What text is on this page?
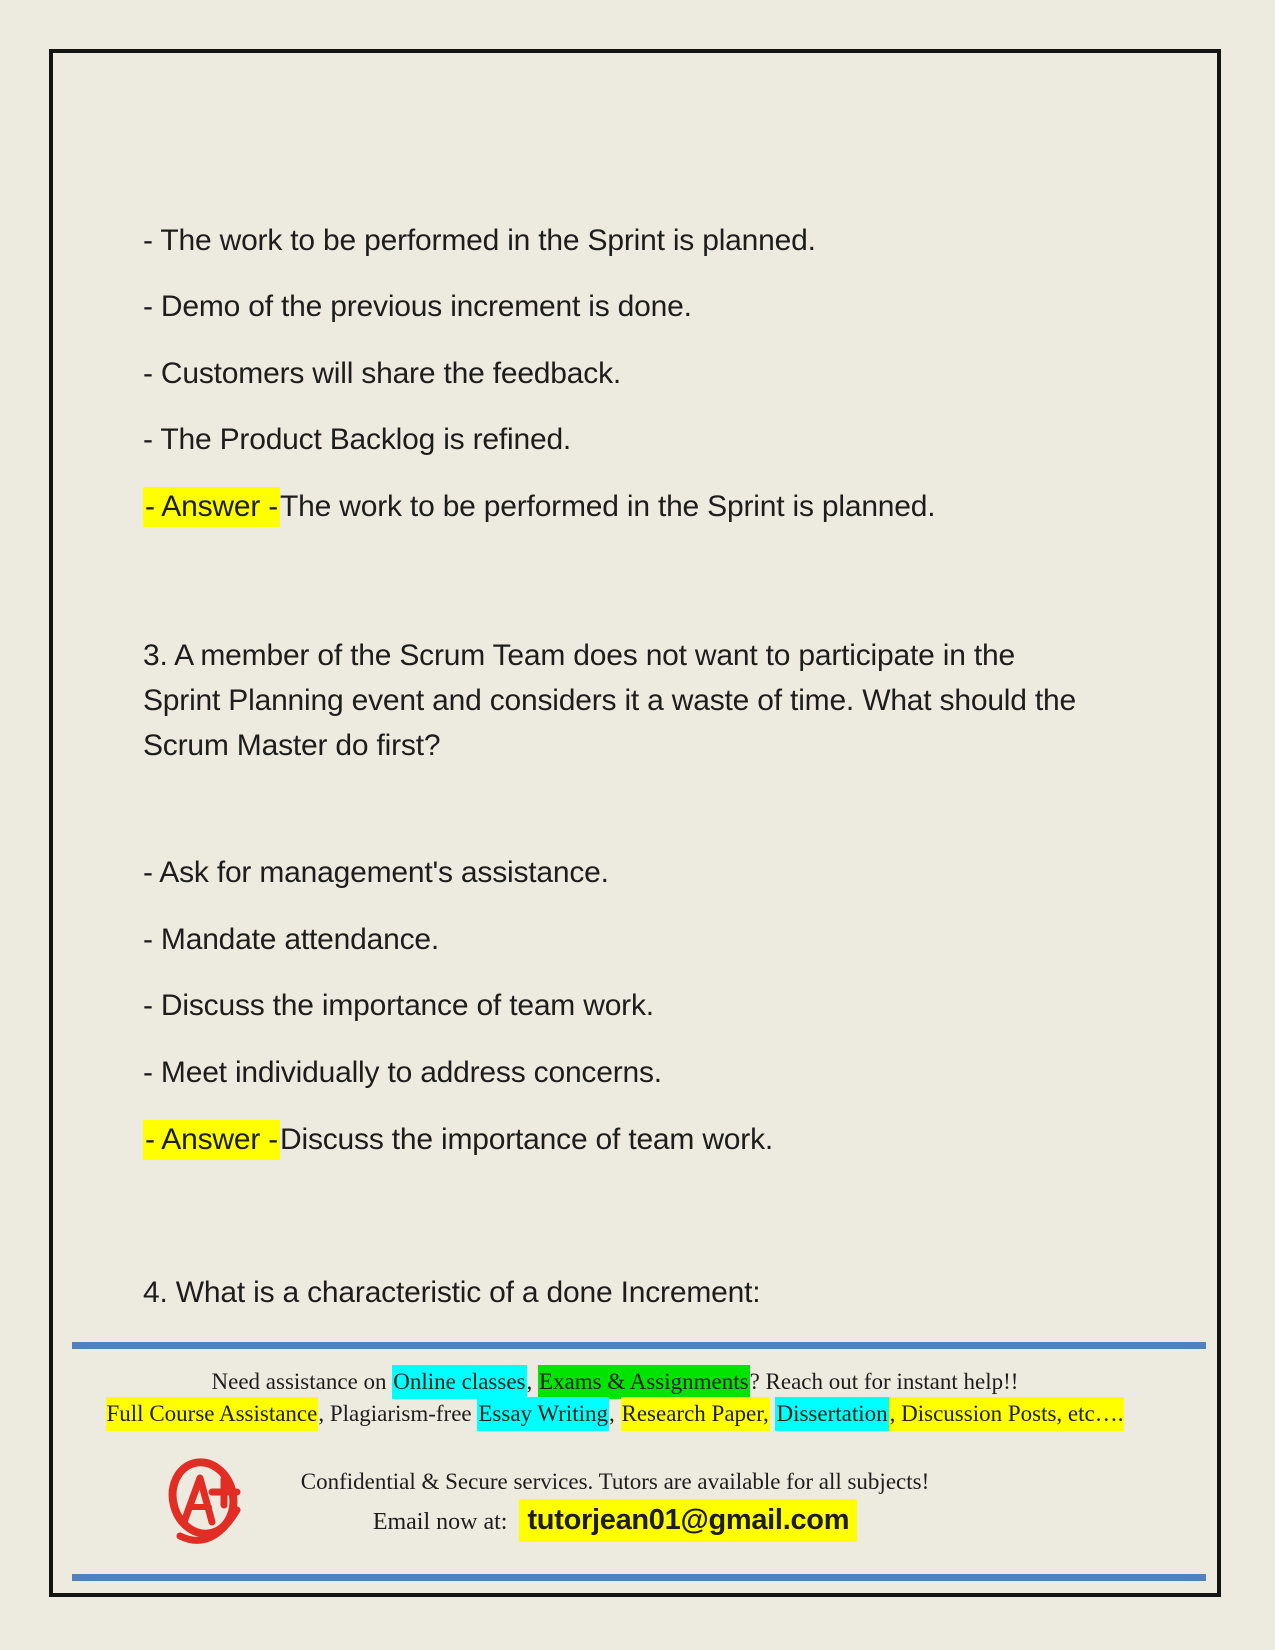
- The work to be performed in the Sprint is planned.
- Demo of the previous increment is done.
- Customers will share the feedback.
- The Product Backlog is refined.
- Answer -The work to be performed in the Sprint is planned.
3. A member of the Scrum Team does not want to participate in the
Sprint Planning event and considers it a waste of time. What should the
Scrum Master do first?
- Ask for management's assistance.
- Mandate attendance.
- Discuss the importance of team work.
- Meet individually to address concerns.
- Answer -Discuss the importance of team work.
4. What is a characteristic of a done Increment:
Need assistance on Online classes, Exams & Assignments? Reach out for instant help!!
Full Course Assistance, Plagiarism-free Essay Writing, Research Paper, Dissertation, Discussion Posts, etc….
Confidential & Secure services. Tutors are available for all subjects!
Email now at: tutorjean01@gmail.com
